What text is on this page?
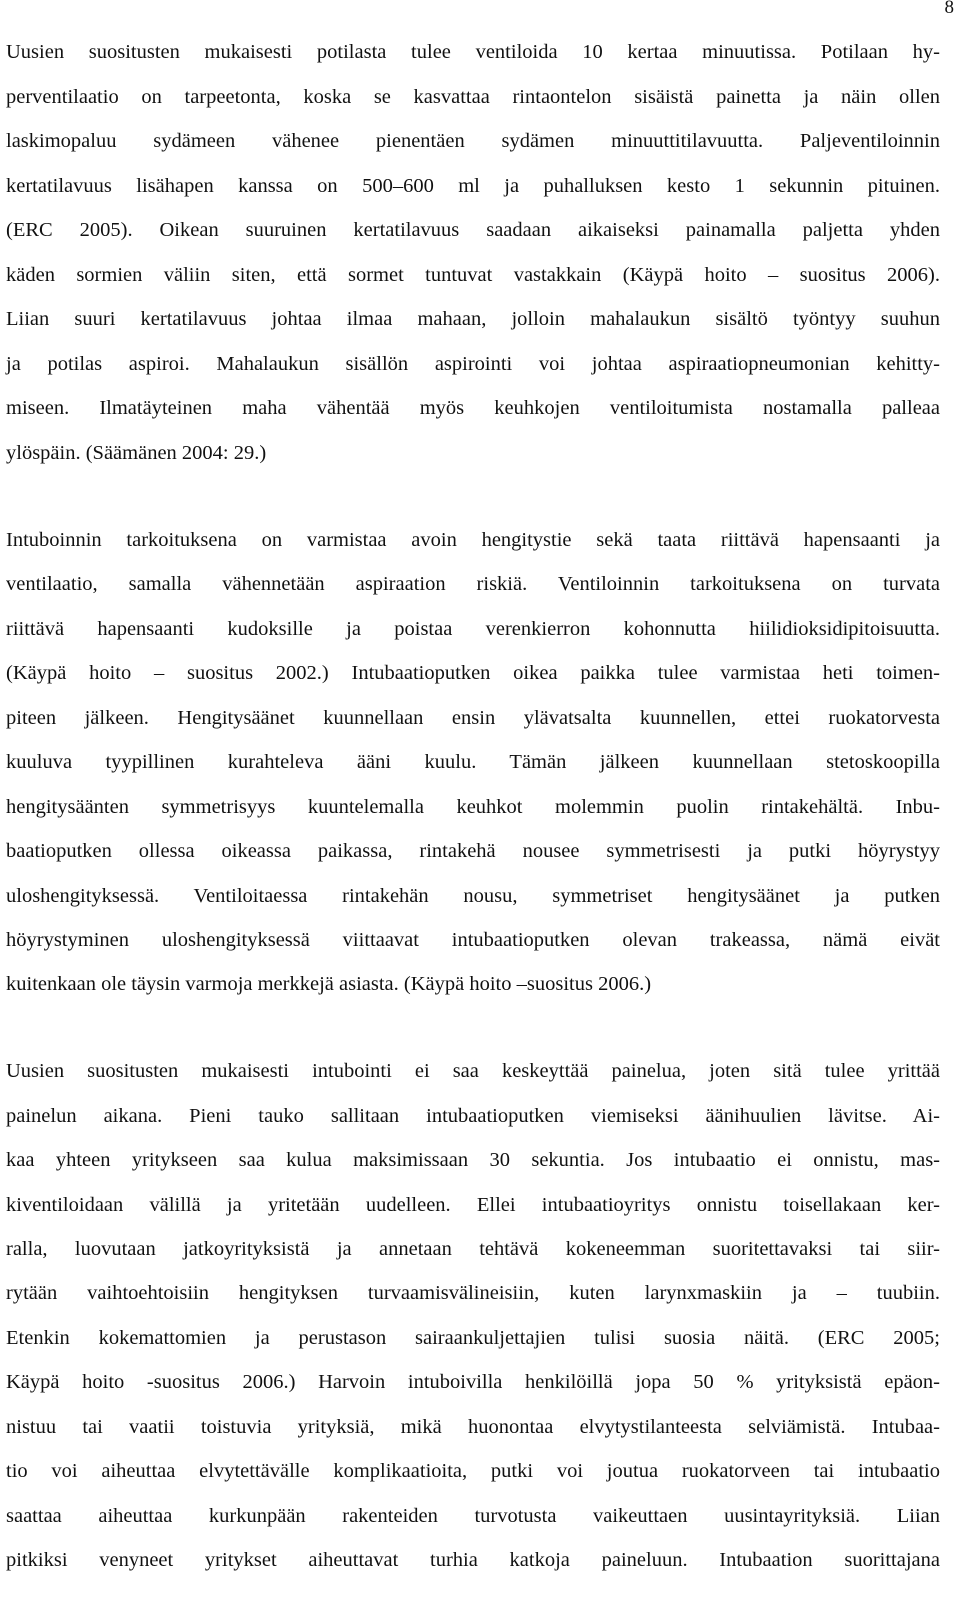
8
Uusien suositusten mukaisesti potilasta tulee ventiloida 10 kertaa minuutissa. Potilaan hy-
perventilaatio on tarpeetonta, koska se kasvattaa rintaontelon sisäistä painetta ja näin ollen
laskimopaluu sydämeen vähenee pienentäen sydämen minuuttitilavuutta. Paljeventiloinnin
kertatilavuus lisähapen kanssa on 500–600 ml ja puhalluksen kesto 1 sekunnin pituinen.
(ERC 2005). Oikean suuruinen kertatilavuus saadaan aikaiseksi painamalla paljetta yhden
käden sormien väliin siten, että sormet tuntuvat vastakkain (Käypä hoito – suositus 2006).
Liian suuri kertatilavuus johtaa ilmaa mahaan, jolloin mahalaukun sisältö työntyy suuhun
ja potilas aspiroi. Mahalaukun sisällön aspirointi voi johtaa aspiraatiopneumonian kehitty-
miseen. Ilmatäyteinen maha vähentää myös keuhkojen ventiloitumista nostamalla palleaa
ylöspäin. (Säämänen 2004: 29.)
Intuboinnin tarkoituksena on varmistaa avoin hengitystie sekä taata riittävä hapensaanti ja
ventilaatio, samalla vähennetään aspiraation riskiä. Ventiloinnin tarkoituksena on turvata
riittävä hapensaanti kudoksille ja poistaa verenkierron kohonnutta hiilidioksidipitoisuutta.
(Käypä hoito – suositus 2002.) Intubaatioputken oikea paikka tulee varmistaa heti toimen-
piteen jälkeen. Hengitysäänet kuunnellaan ensin ylävatsalta kuunnellen, ettei ruokatorvesta
kuuluva tyypillinen kurahteleva ääni kuulu. Tämän jälkeen kuunnellaan stetoskoopilla
hengitysäänten symmetrisyys kuuntelemalla keuhkot molemmin puolin rintakehältä. Inbu-
baatioputken ollessa oikeassa paikassa, rintakehä nousee symmetrisesti ja putki höyrystyy
uloshengityksessä. Ventiloitaessa rintakehän nousu, symmetriset hengitysäänet ja putken
höyrystyminen uloshengityksessä viittaavat intubaatioputken olevan trakeassa, nämä eivät
kuitenkaan ole täysin varmoja merkkejä asiasta. (Käypä hoito –suositus 2006.)
Uusien suositusten mukaisesti intubointi ei saa keskeyttää painelua, joten sitä tulee yrittää
painelun aikana. Pieni tauko sallitaan intubaatioputken viemiseksi äänihuulien lävitse. Ai-
kaa yhteen yritykseen saa kulua maksimissaan 30 sekuntia. Jos intubaatio ei onnistu, mas-
kiventiloidaan välillä ja yritetään uudelleen. Ellei intubaatioyritys onnistu toisellakaan ker-
ralla, luovutaan jatkoyrityksistä ja annetaan tehtävä kokeneemman suoritettavaksi tai siir-
rytään vaihtoehtoisiin hengityksen turvaamisvälineisiin, kuten larynxmaskiin ja – tuubiin.
Etenkin kokemattomien ja perustason sairaankuljettajien tulisi suosia näitä. (ERC 2005;
Käypä hoito -suositus 2006.) Harvoin intuboivilla henkilöillä jopa 50 % yrityksistä epäon-
nistuu tai vaatii toistuvia yrityksiä, mikä huonontaa elvytystilanteesta selviämistä. Intubaa-
tio voi aiheuttaa elvytettävälle komplikaatioita, putki voi joutua ruokatorveen tai intubaatio
saattaa aiheuttaa kurkunpään rakenteiden turvotusta vaikeuttaen uusintayrityksiä. Liian
pitkiksi venyneet yritykset aiheuttavat turhia katkoja paineluun. Intubaation suorittajana
